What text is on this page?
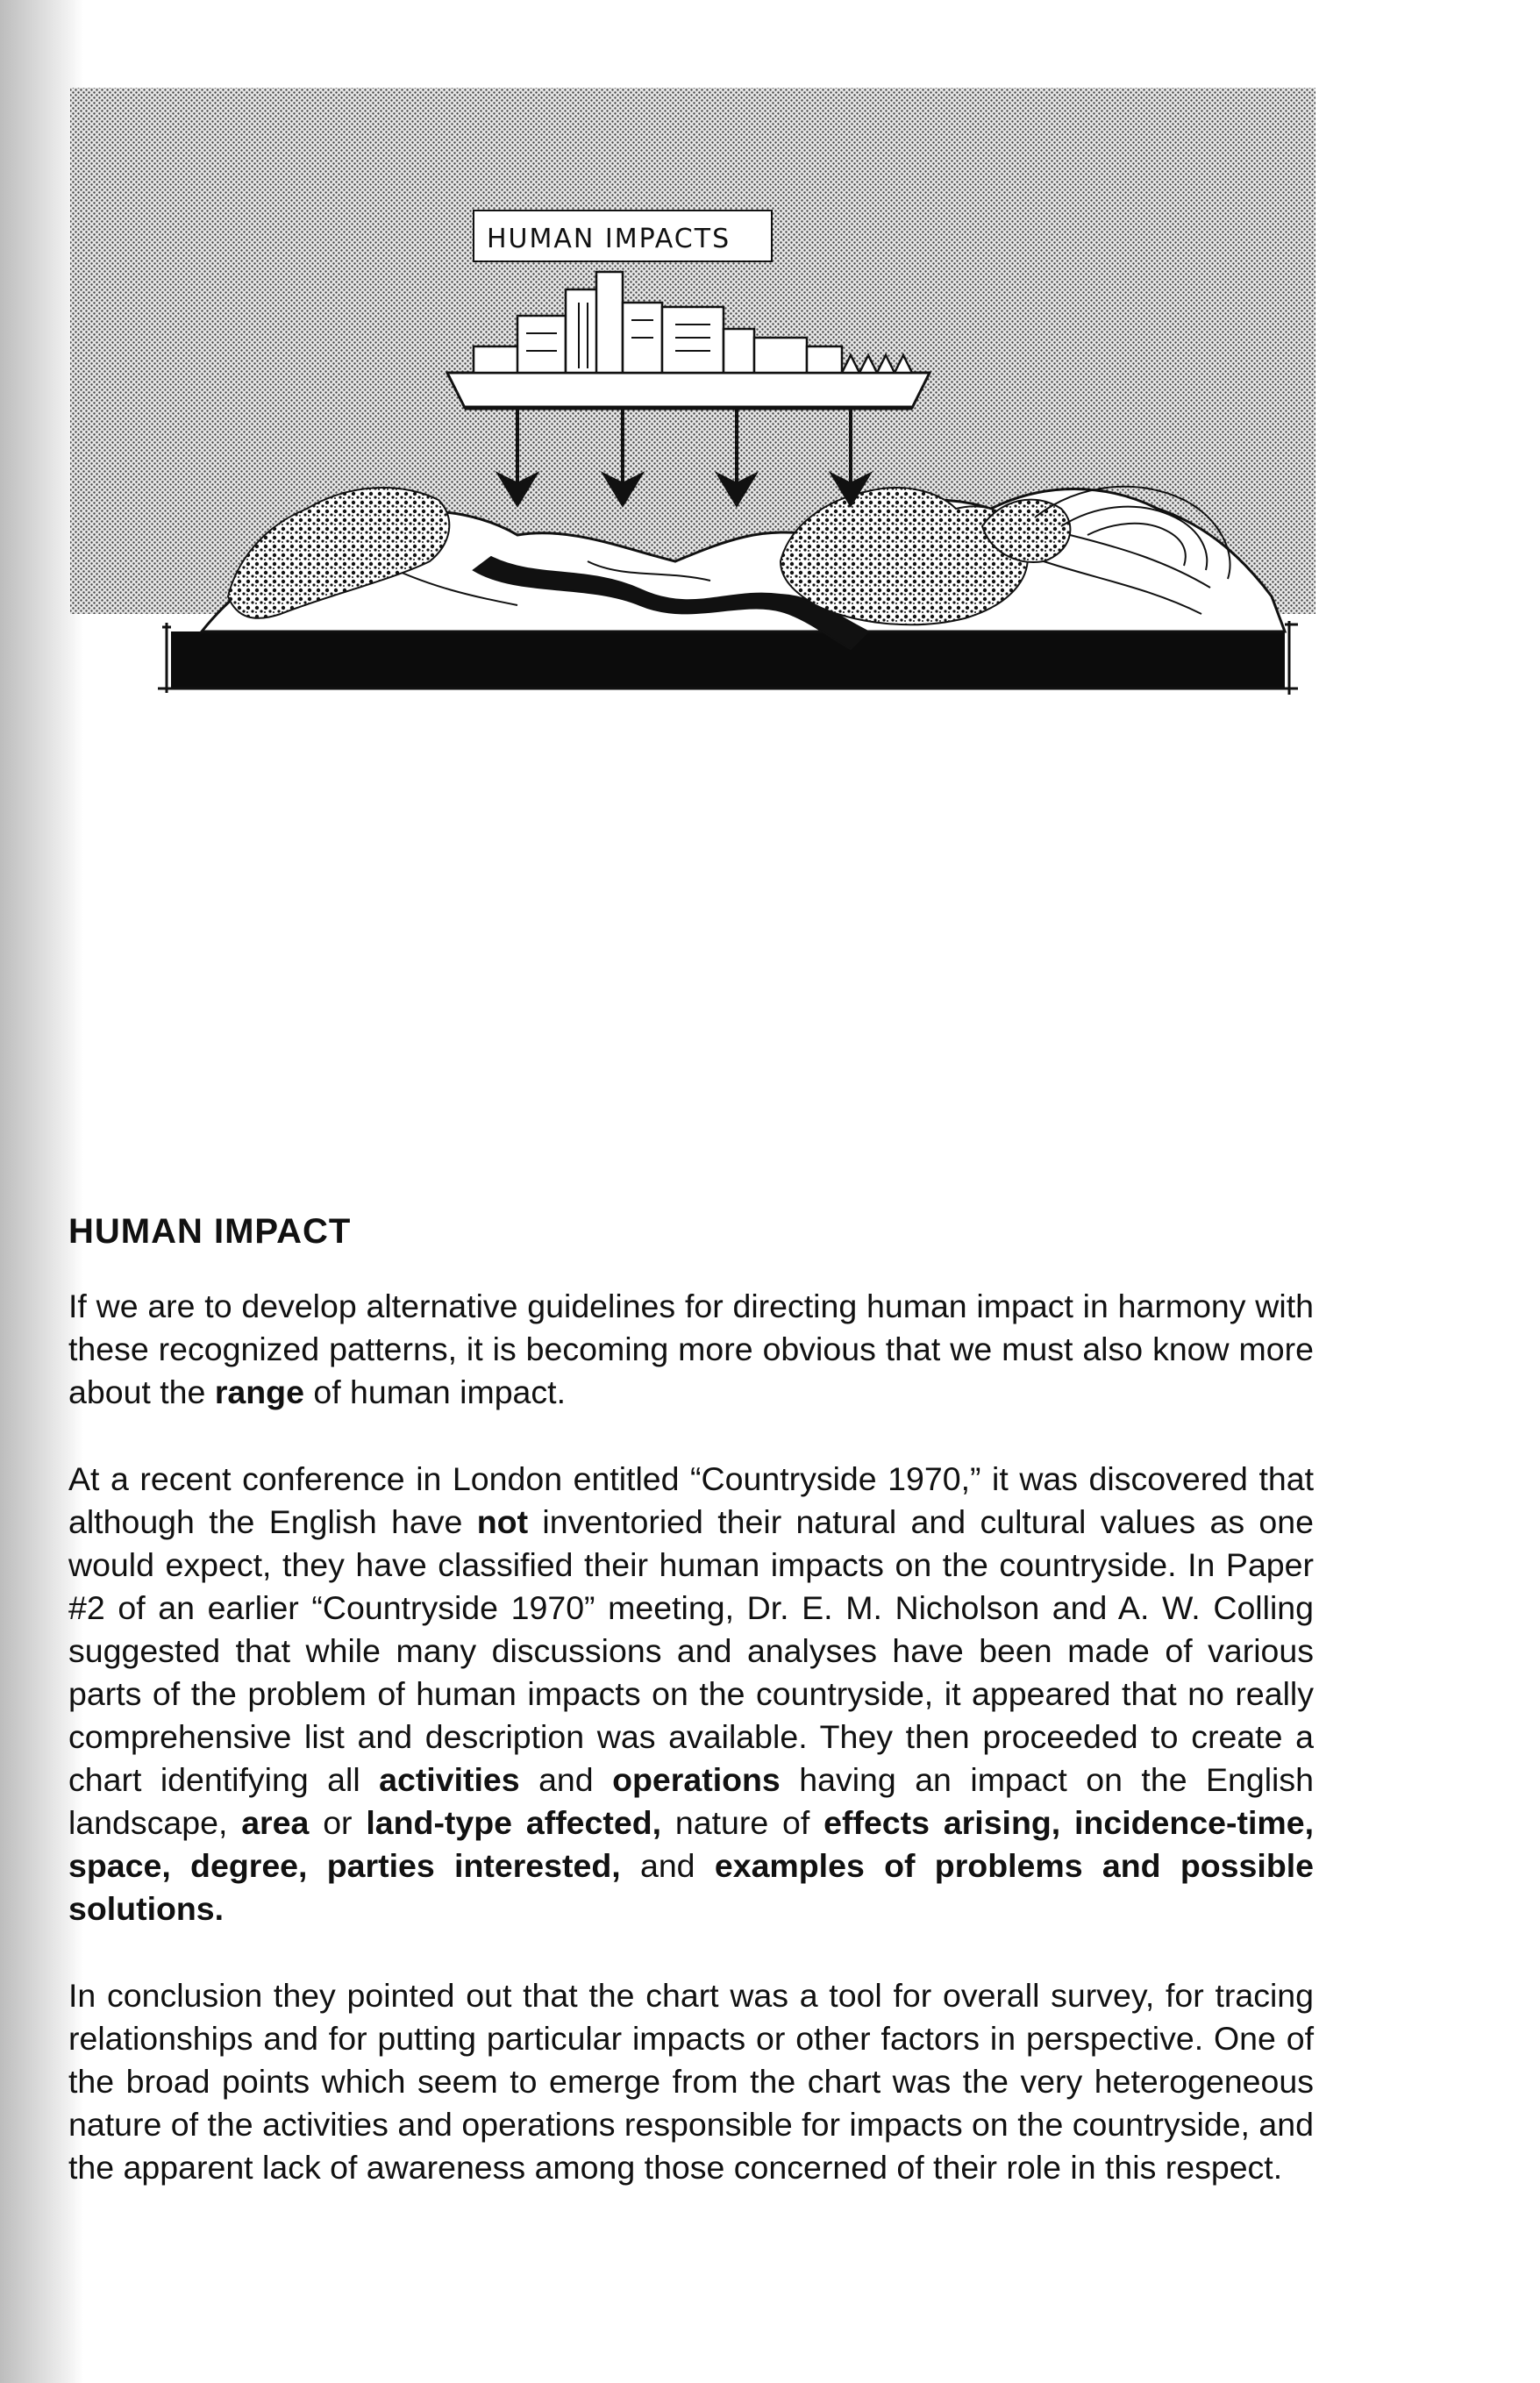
HUMAN IMPACTS
HUMAN IMPACT

If we are to develop alternative guidelines for directing human impact in harmony with these recognized patterns, it is becoming more obvious that we must also know more about the range of human impact.

At a recent conference in London entitled “Countryside 1970,” it was discovered that although the English have not inventoried their natural and cultural values as one would expect, they have classified their human impacts on the countryside. In Paper #2 of an earlier “Countryside 1970” meeting, Dr. E. M. Nicholson and A. W. Colling suggested that while many discussions and analyses have been made of various parts of the problem of human impacts on the countryside, it appeared that no really comprehensive list and description was available. They then proceeded to create a chart identifying all activities and operations having an impact on the English landscape, area or land-type affected, nature of effects arising, incidence-time, space, degree, parties interested, and examples of problems and possible solutions.

In conclusion they pointed out that the chart was a tool for overall survey, for tracing relationships and for putting particular impacts or other factors in perspective. One of the broad points which seem to emerge from the chart was the very heterogeneous nature of the activities and operations responsible for impacts on the countryside, and the apparent lack of awareness among those concerned of their role in this respect.
